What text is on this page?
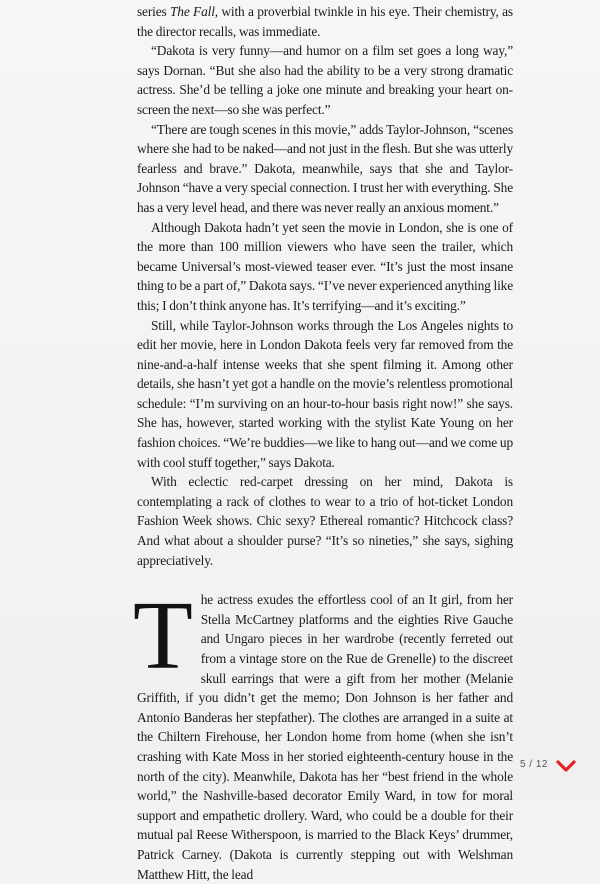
series The Fall, with a proverbial twinkle in his eye. Their chemistry, as the director recalls, was immediate.

“Dakota is very funny—and humor on a film set goes a long way,” says Dornan. “But she also had the ability to be a very strong dramatic actress. She’d be telling a joke one minute and breaking your heart on-screen the next—so she was perfect.”

“There are tough scenes in this movie,” adds Taylor-Johnson, “scenes where she had to be naked—and not just in the flesh. But she was utterly fearless and brave.” Dakota, meanwhile, says that she and Taylor-Johnson “have a very special connection. I trust her with everything. She has a very level head, and there was never really an anxious moment.”

Although Dakota hadn’t yet seen the movie in London, she is one of the more than 100 million viewers who have seen the trailer, which became Universal’s most-viewed teaser ever. “It’s just the most insane thing to be a part of,” Dakota says. “I’ve never experienced anything like this; I don’t think anyone has. It’s terrifying—and it’s exciting.”

Still, while Taylor-Johnson works through the Los Angeles nights to edit her movie, here in London Dakota feels very far removed from the nine-and-a-half intense weeks that she spent filming it. Among other details, she hasn’t yet got a handle on the movie’s relentless promotional schedule: “I’m surviving on an hour-to-hour basis right now!” she says. She has, however, started working with the stylist Kate Young on her fashion choices. “We’re buddies—we like to hang out—and we come up with cool stuff together,” says Dakota.

With eclectic red-carpet dressing on her mind, Dakota is contemplating a rack of clothes to wear to a trio of hot-ticket London Fashion Week shows. Chic sexy? Ethereal romantic? Hitchcock class? And what about a shoulder purse? “It’s so nineties,” she says, sighing appreciatively.

The actress exudes the effortless cool of an It girl, from her Stella McCartney platforms and the eighties Rive Gauche and Ungaro pieces in her wardrobe (recently ferreted out from a vintage store on the Rue de Grenelle) to the discreet skull earrings that were a gift from her mother (Melanie Griffith, if you didn’t get the memo; Don Johnson is her father and Antonio Banderas her stepfather). The clothes are arranged in a suite at the Chiltern Firehouse, her London home from home (when she isn’t crashing with Kate Moss in her storied eighteenth-century house in the north of the city). Meanwhile, Dakota has her “best friend in the whole world,” the Nashville-based decorator Emily Ward, in tow for moral support and empathetic drollery. Ward, who could be a double for their mutual pal Reese Witherspoon, is married to the Black Keys’ drummer, Patrick Carney. (Dakota is currently stepping out with Welshman Matthew Hitt, the lead

5 / 12
